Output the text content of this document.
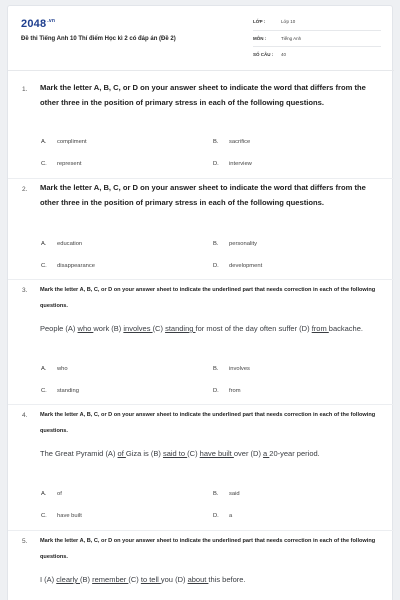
$2048^{.vn}$
Đề thi Tiếng Anh 10 Thí điểm Học kì 2 có đáp án (Đề 2)
LỚP :	Lớp 10
MÔN :	Tiếng Anh
SỐ CÂU :	40
1. Mark the letter A, B, C, or D on your answer sheet to indicate the word that differs from the other three in the position of primary stress in each of the following questions.
A. compliment	B. sacrifice
C. represent	D. interview
2. Mark the letter A, B, C, or D on your answer sheet to indicate the word that differs from the other three in the position of primary stress in each of the following questions.
A. education	B. personality
C. disappearance	D. development
3. Mark the letter A, B, C, or D on your answer sheet to indicate the underlined part that needs correction in each of the following questions.
People (A) who work (B) involves (C) standing for most of the day often suffer (D) from backache.
A. who	B. involves
C. standing	D. from
4. Mark the letter A, B, C, or D on your answer sheet to indicate the underlined part that needs correction in each of the following questions.
The Great Pyramid (A) of Giza is (B) said to (C) have built over (D) a 20-year period.
A. of	B. said
C. have built	D. a
5. Mark the letter A, B, C, or D on your answer sheet to indicate the underlined part that needs correction in each of the following questions.
I (A) clearly (B) remember (C) to tell you (D) about this before.
